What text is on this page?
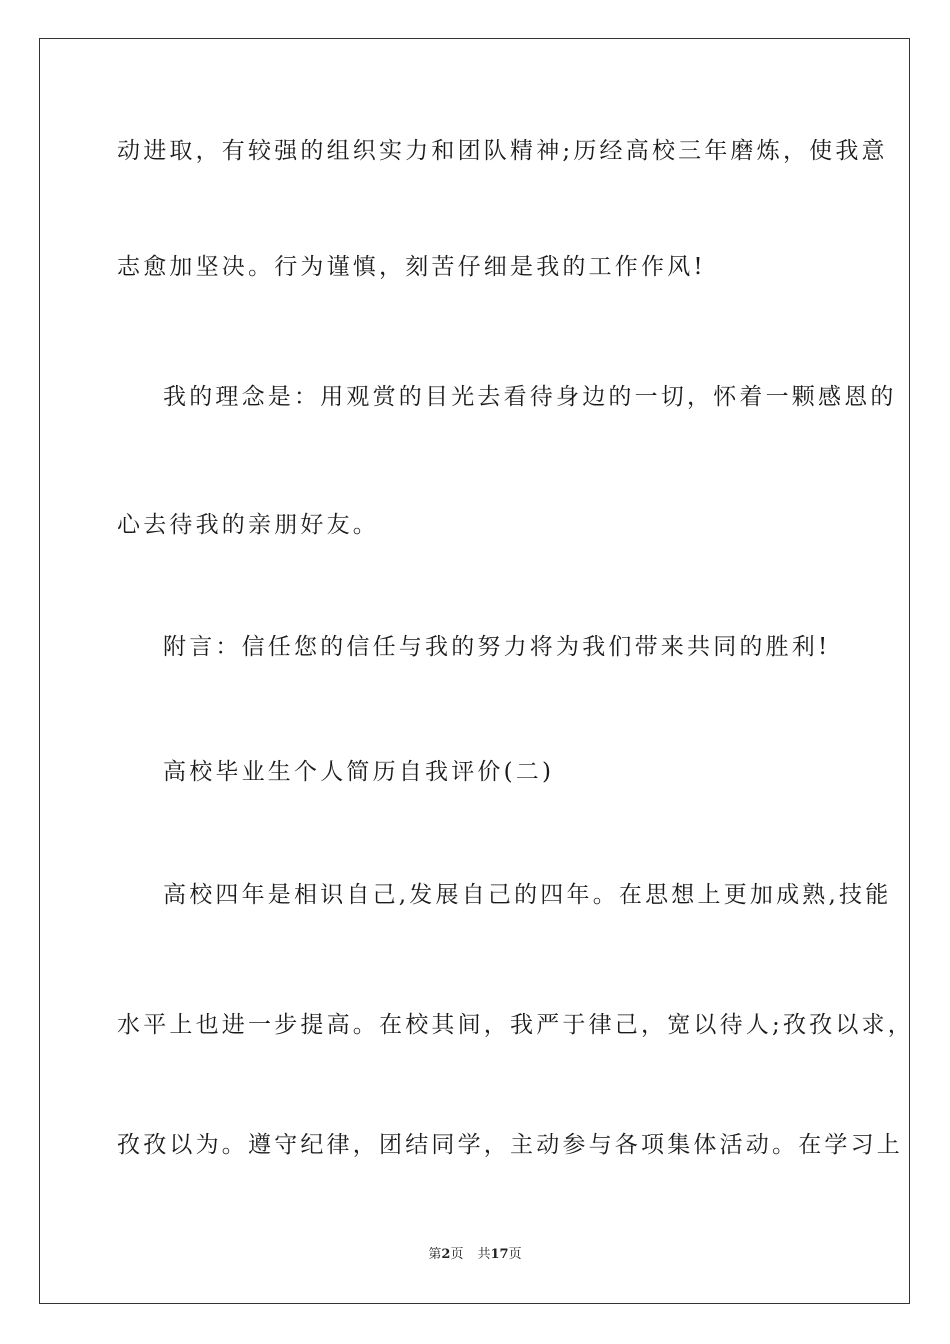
动进取，有较强的组织实力和团队精神;历经高校三年磨炼，使我意
志愈加坚决。行为谨慎，刻苦仔细是我的工作作风!
我的理念是：用观赏的目光去看待身边的一切，怀着一颗感恩的
心去待我的亲朋好友。
附言：信任您的信任与我的努力将为我们带来共同的胜利!
高校毕业生个人简历自我评价(二)
高校四年是相识自己,发展自己的四年。在思想上更加成熟,技能
水平上也进一步提高。在校其间，我严于律己，宽以待人;孜孜以求，
孜孜以为。遵守纪律，团结同学，主动参与各项集体活动。在学习上
第2页 共17页
